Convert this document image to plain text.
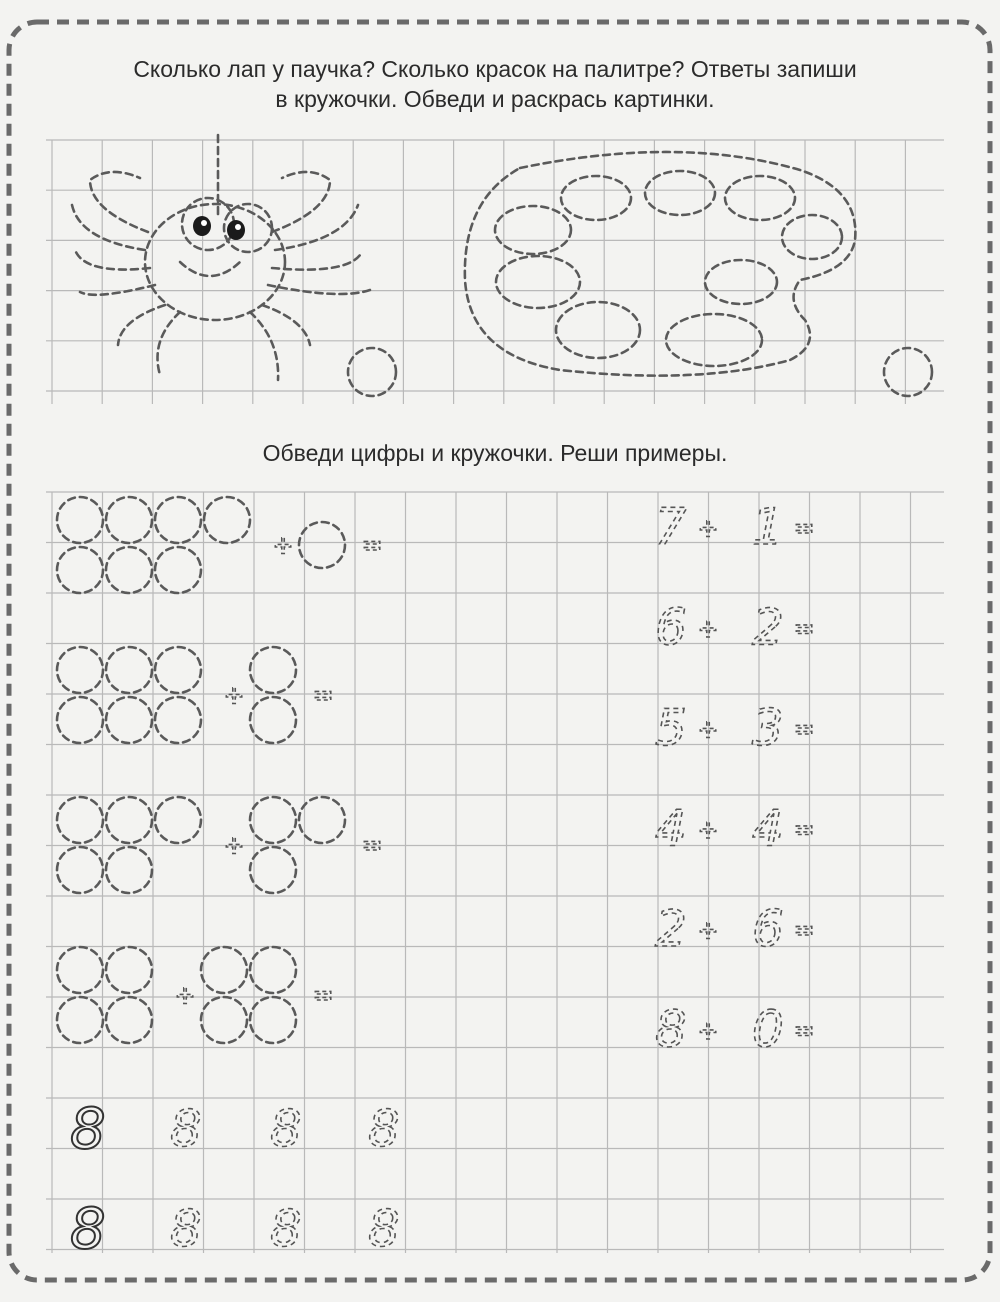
+ =
+ =
+	=
+	=
7 + 1 =
6 + 2 =
5 + 3 =
4 + 4 =
2 + 6 =
8 + 0 =
8 8 8 8
8 8 8 8

Сколько лап у паучка? Сколько красок на палитре? Ответы запиши
в кружочки. Обведи и раскрась картинки.

Обведи цифры и кружочки. Реши примеры.
